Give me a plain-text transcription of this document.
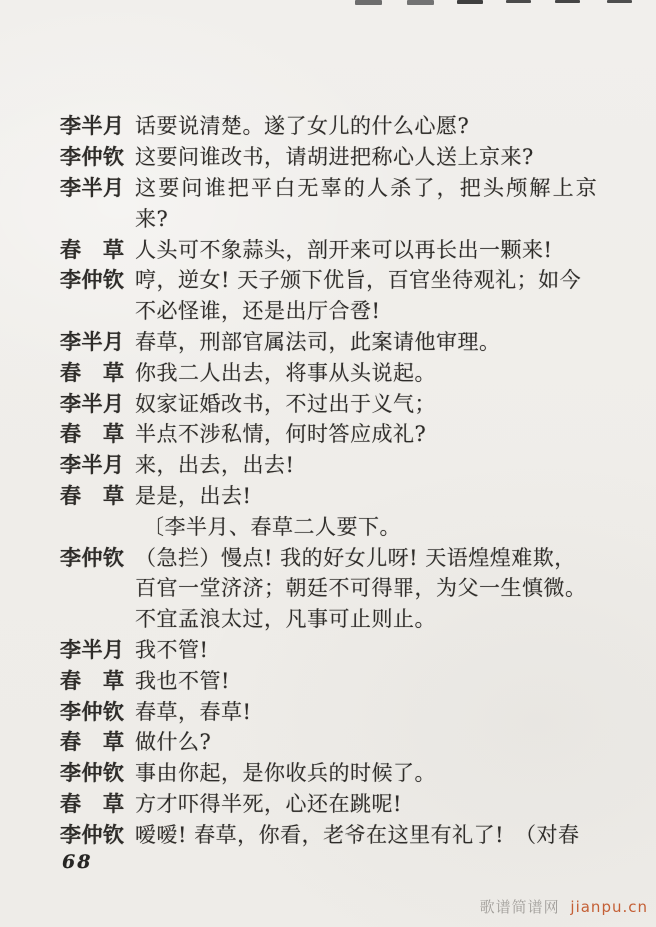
李半月 话要说清楚。遂了女儿的什么心愿?
李仲钦 这要问谁改书，请胡进把称心人送上京来?
李半月 这要问谁把平白无辜的人杀了，把头颅解上京
来?
春　草 人头可不象蒜头，剖开来可以再长出一颗来!
李仲钦 哼，逆女! 天子颁下优旨，百官坐待观礼；如今
不必怪谁，还是出厅合卺!
李半月 春草，刑部官属法司，此案请他审理。
春　草 你我二人出去，将事从头说起。
李半月 奴家证婚改书，不过出于义气；
春　草 半点不涉私情，何时答应成礼?
李半月 来，出去，出去!
春　草 是是，出去!
〔李半月、春草二人要下。
李仲钦 （急拦）慢点! 我的好女儿呀! 天语煌煌难欺，
百官一堂济济；朝廷不可得罪，为父一生慎微。
不宜孟浪太过，凡事可止则止。
李半月 我不管!
春　草 我也不管!
李仲钦 春草，春草!
春　草 做什么?
李仲钦 事由你起，是你收兵的时候了。
春　草 方才吓得半死，心还在跳呢!
李仲钦 嗳嗳! 春草，你看，老爷在这里有礼了!　（对春
68
歌谱简谱网 jianpu.cn
